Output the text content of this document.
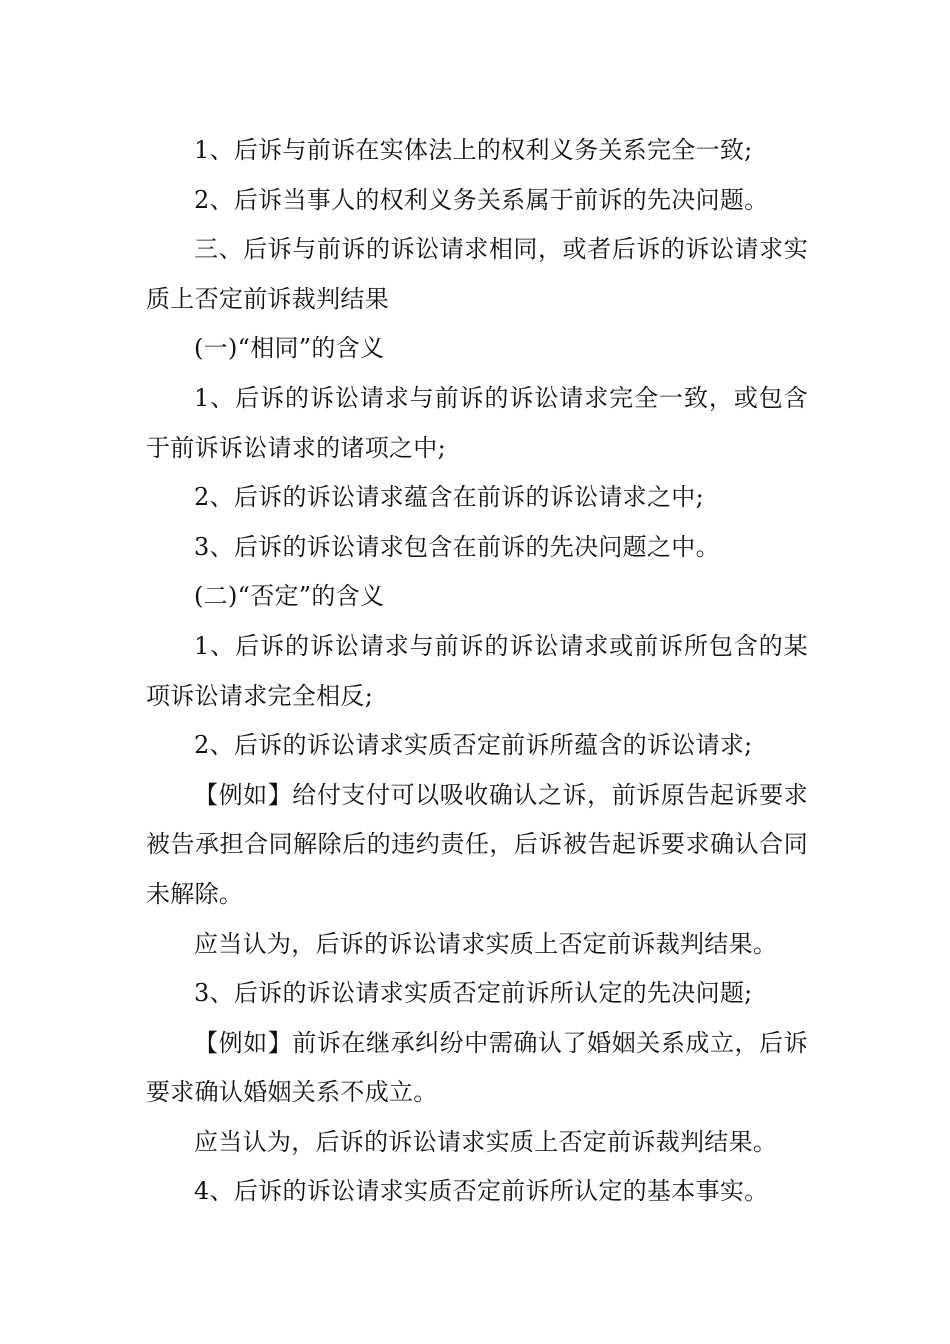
1、后诉与前诉在实体法上的权利义务关系完全一致;

2、后诉当事人的权利义务关系属于前诉的先决问题。

三、后诉与前诉的诉讼请求相同，或者后诉的诉讼请求实质上否定前诉裁判结果

(一)“相同”的含义

1、后诉的诉讼请求与前诉的诉讼请求完全一致，或包含于前诉诉讼请求的诸项之中;

2、后诉的诉讼请求蕴含在前诉的诉讼请求之中;

3、后诉的诉讼请求包含在前诉的先决问题之中。

(二)“否定”的含义

1、后诉的诉讼请求与前诉的诉讼请求或前诉所包含的某项诉讼请求完全相反;

2、后诉的诉讼请求实质否定前诉所蕴含的诉讼请求;

【例如】给付支付可以吸收确认之诉，前诉原告起诉要求被告承担合同解除后的违约责任，后诉被告起诉要求确认合同未解除。

应当认为，后诉的诉讼请求实质上否定前诉裁判结果。

3、后诉的诉讼请求实质否定前诉所认定的先决问题;

【例如】前诉在继承纠纷中需确认了婚姻关系成立，后诉要求确认婚姻关系不成立。

应当认为，后诉的诉讼请求实质上否定前诉裁判结果。

4、后诉的诉讼请求实质否定前诉所认定的基本事实。
